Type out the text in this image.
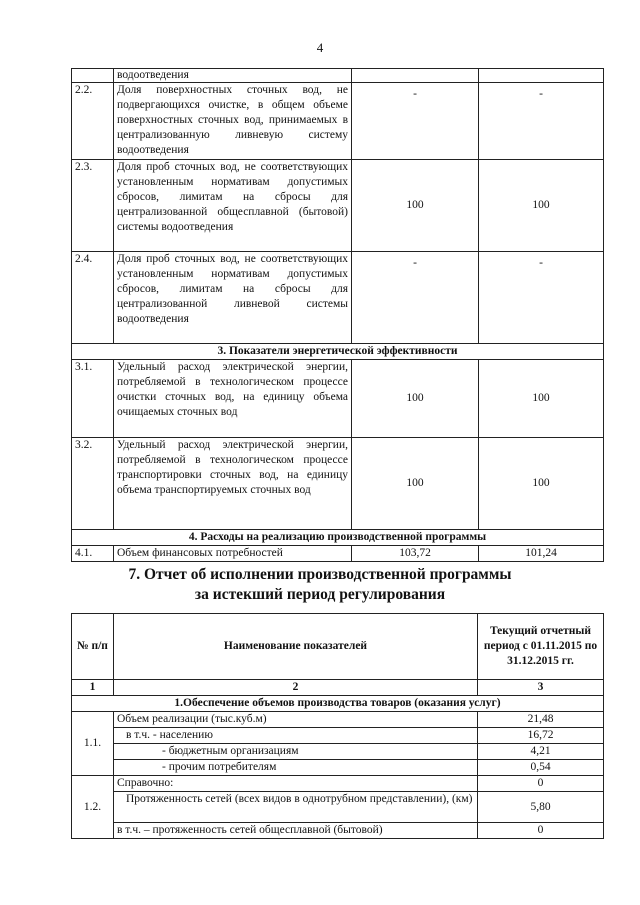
4
	водоотведения		
2.2.	Доля поверхностных сточных вод, не подвергающихся очистке, в общем объеме поверхностных сточных вод, принимаемых в централизованную ливневую систему водоотведения	-	-
2.3.	Доля проб сточных вод, не соответствующих установленным нормативам допустимых сбросов, лимитам на сбросы для централизованной общесплавной (бытовой) системы водоотведения	100	100
2.4.	Доля проб сточных вод, не соответствующих установленным нормативам допустимых сбросов, лимитам на сбросы для централизованной ливневой системы водоотведения	-	-
3. Показатели энергетической эффективности			
3.1.	Удельный расход электрической энергии, потребляемой в технологическом процессе очистки сточных вод, на единицу объема очищаемых сточных вод	100	100
3.2.	Удельный расход электрической энергии, потребляемой в технологическом процессе транспортировки сточных вод, на единицу объема транспортируемых сточных вод	100	100
4. Расходы на реализацию производственной программы			
4.1.	Объем финансовых потребностей	103,72	101,24
7. Отчет об исполнении производственной программы
за истекший период регулирования
№ п/п	Наименование показателей	Текущий отчетный период с 01.11.2015 по 31.12.2015 гг.
1	2	3
1.Обеспечение объемов производства товаров (оказания услуг)		
1.1.	Объем реализации (тыс.куб.м)	21,48
	в т.ч. - населению	16,72
	- бюджетным организациям	4,21
	- прочим потребителям	0,54
1.2.	Справочно:	0
	Протяженность сетей (всех видов в однотрубном представлении), (км)	5,80
	в т.ч. – протяженность сетей общесплавной (бытовой)	0
